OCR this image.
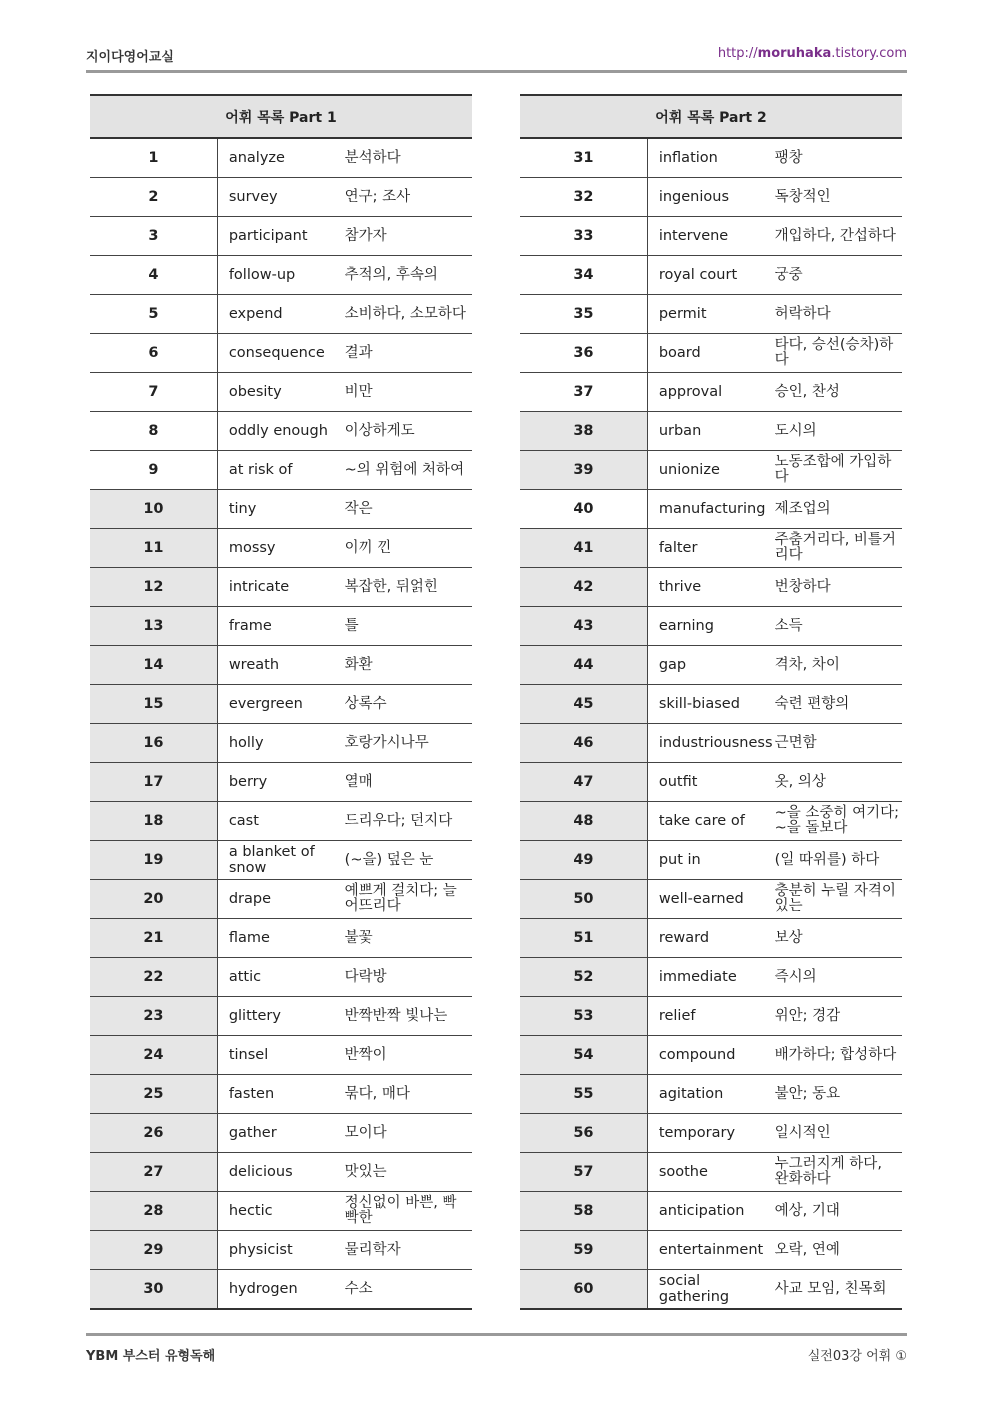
지이다영어교실	http://moruhaka.tistory.com
어휘 목록 Part 1		
1	analyze	분석하다
2	survey	연구; 조사
3	participant	참가자
4	follow-up	추적의, 후속의
5	expend	소비하다, 소모하다
6	consequence	결과
7	obesity	비만
8	oddly enough	이상하게도
9	at risk of	~의 위험에 처하여
10	tiny	작은
11	mossy	이끼 낀
12	intricate	복잡한, 뒤얽힌
13	frame	틀
14	wreath	화환
15	evergreen	상록수
16	holly	호랑가시나무
17	berry	열매
18	cast	드리우다; 던지다
19	a blanket of snow	(~을) 덮은 눈
20	drape	예쁘게 걸치다; 늘어뜨리다
21	flame	불꽃
22	attic	다락방
23	glittery	반짝반짝 빛나는
24	tinsel	반짝이
25	fasten	묶다, 매다
26	gather	모이다
27	delicious	맛있는
28	hectic	정신없이 바쁜, 빡빡한
29	physicist	물리학자
30	hydrogen	수소
어휘 목록 Part 2		
31	inflation	팽창
32	ingenious	독창적인
33	intervene	개입하다, 간섭하다
34	royal court	궁중
35	permit	허락하다
36	board	타다, 승선(승차)하다
37	approval	승인, 찬성
38	urban	도시의
39	unionize	노동조합에 가입하다
40	manufacturing	제조업의
41	falter	주춤거리다, 비틀거리다
42	thrive	번창하다
43	earning	소득
44	gap	격차, 차이
45	skill-biased	숙련 편향의
46	industriousness	근면함
47	outfit	옷, 의상
48	take care of	~을 소중히 여기다; ~을 돌보다
49	put in	(일 따위를) 하다
50	well-earned	충분히 누릴 자격이 있는
51	reward	보상
52	immediate	즉시의
53	relief	위안; 경감
54	compound	배가하다; 합성하다
55	agitation	불안; 동요
56	temporary	일시적인
57	soothe	누그러지게 하다, 완화하다
58	anticipation	예상, 기대
59	entertainment	오락, 연예
60	social gathering	사교 모임, 친목회
YBM 부스터 유형독해	실전03강 어휘 ①
